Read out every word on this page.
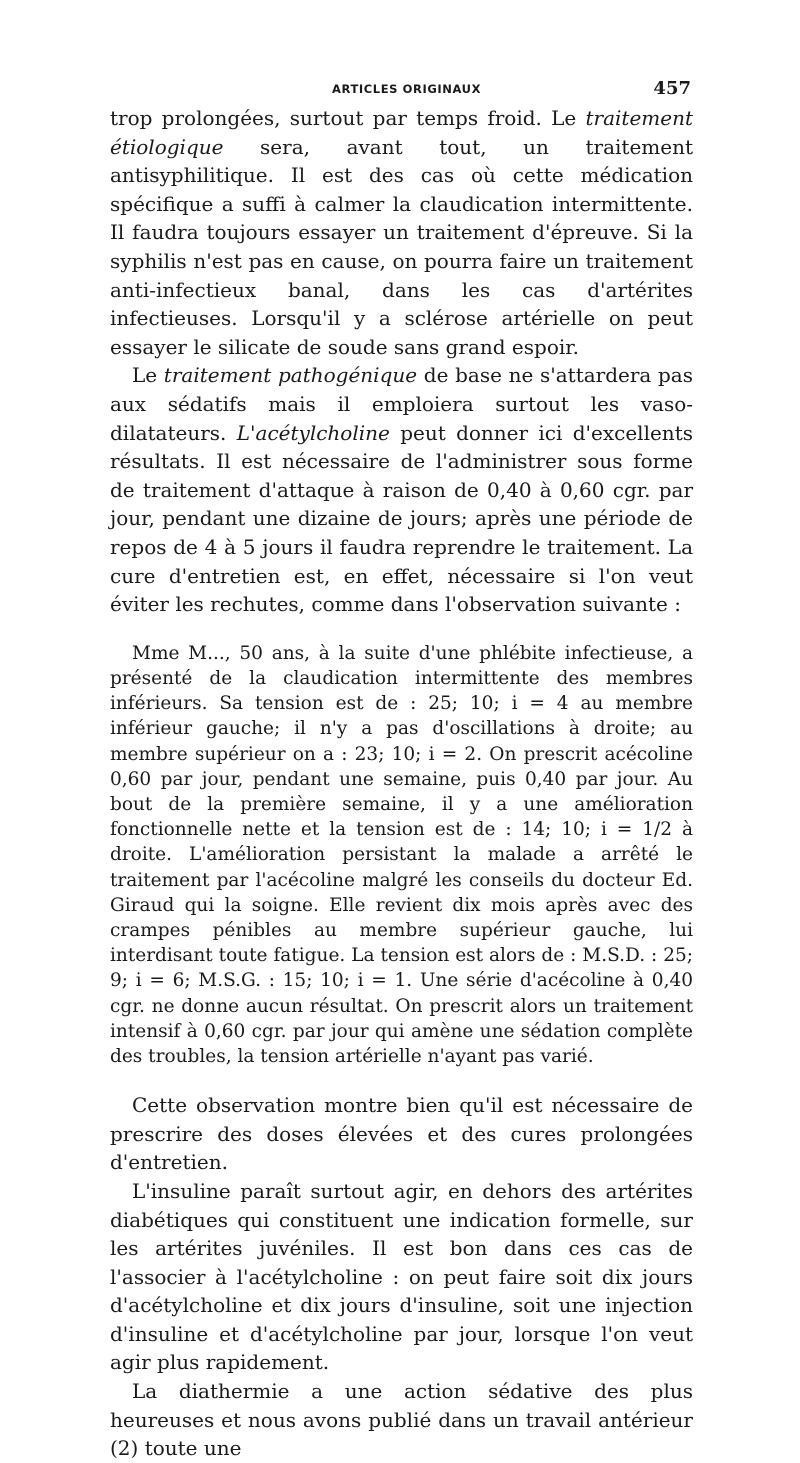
ARTICLES ORIGINAUX	457

trop prolongées, surtout par temps froid. Le traitement étiologique sera, avant tout, un traitement antisyphilitique. Il est des cas où cette médication spécifique a suffi à calmer la claudication intermittente. Il faudra toujours essayer un traitement d'épreuve. Si la syphilis n'est pas en cause, on pourra faire un traitement anti-infectieux banal, dans les cas d'artérites infectieuses. Lorsqu'il y a sclérose artérielle on peut essayer le silicate de soude sans grand espoir.

Le traitement pathogénique de base ne s'attardera pas aux sédatifs mais il emploiera surtout les vaso-dilatateurs. L'acétylcholine peut donner ici d'excellents résultats. Il est nécessaire de l'administrer sous forme de traitement d'attaque à raison de 0,40 à 0,60 cgr. par jour, pendant une dizaine de jours; après une période de repos de 4 à 5 jours il faudra reprendre le traitement. La cure d'entretien est, en effet, nécessaire si l'on veut éviter les rechutes, comme dans l'observation suivante :

Mme M..., 50 ans, à la suite d'une phlébite infectieuse, a présenté de la claudication intermittente des membres inférieurs. Sa tension est de : 25; 10; i = 4 au membre inférieur gauche; il n'y a pas d'oscillations à droite; au membre supérieur on a : 23; 10; i = 2. On prescrit acécoline 0,60 par jour, pendant une semaine, puis 0,40 par jour. Au bout de la première semaine, il y a une amélioration fonctionnelle nette et la tension est de : 14; 10; i = 1/2 à droite. L'amélioration persistant la malade a arrêté le traitement par l'acécoline malgré les conseils du docteur Ed. Giraud qui la soigne. Elle revient dix mois après avec des crampes pénibles au membre supérieur gauche, lui interdisant toute fatigue. La tension est alors de : M.S.D. : 25; 9; i = 6; M.S.G. : 15; 10; i = 1. Une série d'acécoline à 0,40 cgr. ne donne aucun résultat. On prescrit alors un traitement intensif à 0,60 cgr. par jour qui amène une sédation complète des troubles, la tension artérielle n'ayant pas varié.

Cette observation montre bien qu'il est nécessaire de prescrire des doses élevées et des cures prolongées d'entretien.

L'insuline paraît surtout agir, en dehors des artérites diabétiques qui constituent une indication formelle, sur les artérites juvéniles. Il est bon dans ces cas de l'associer à l'acétylcholine : on peut faire soit dix jours d'acétylcholine et dix jours d'insuline, soit une injection d'insuline et d'acétylcholine par jour, lorsque l'on veut agir plus rapidement.

La diathermie a une action sédative des plus heureuses et nous avons publié dans un travail antérieur (2) toute une
